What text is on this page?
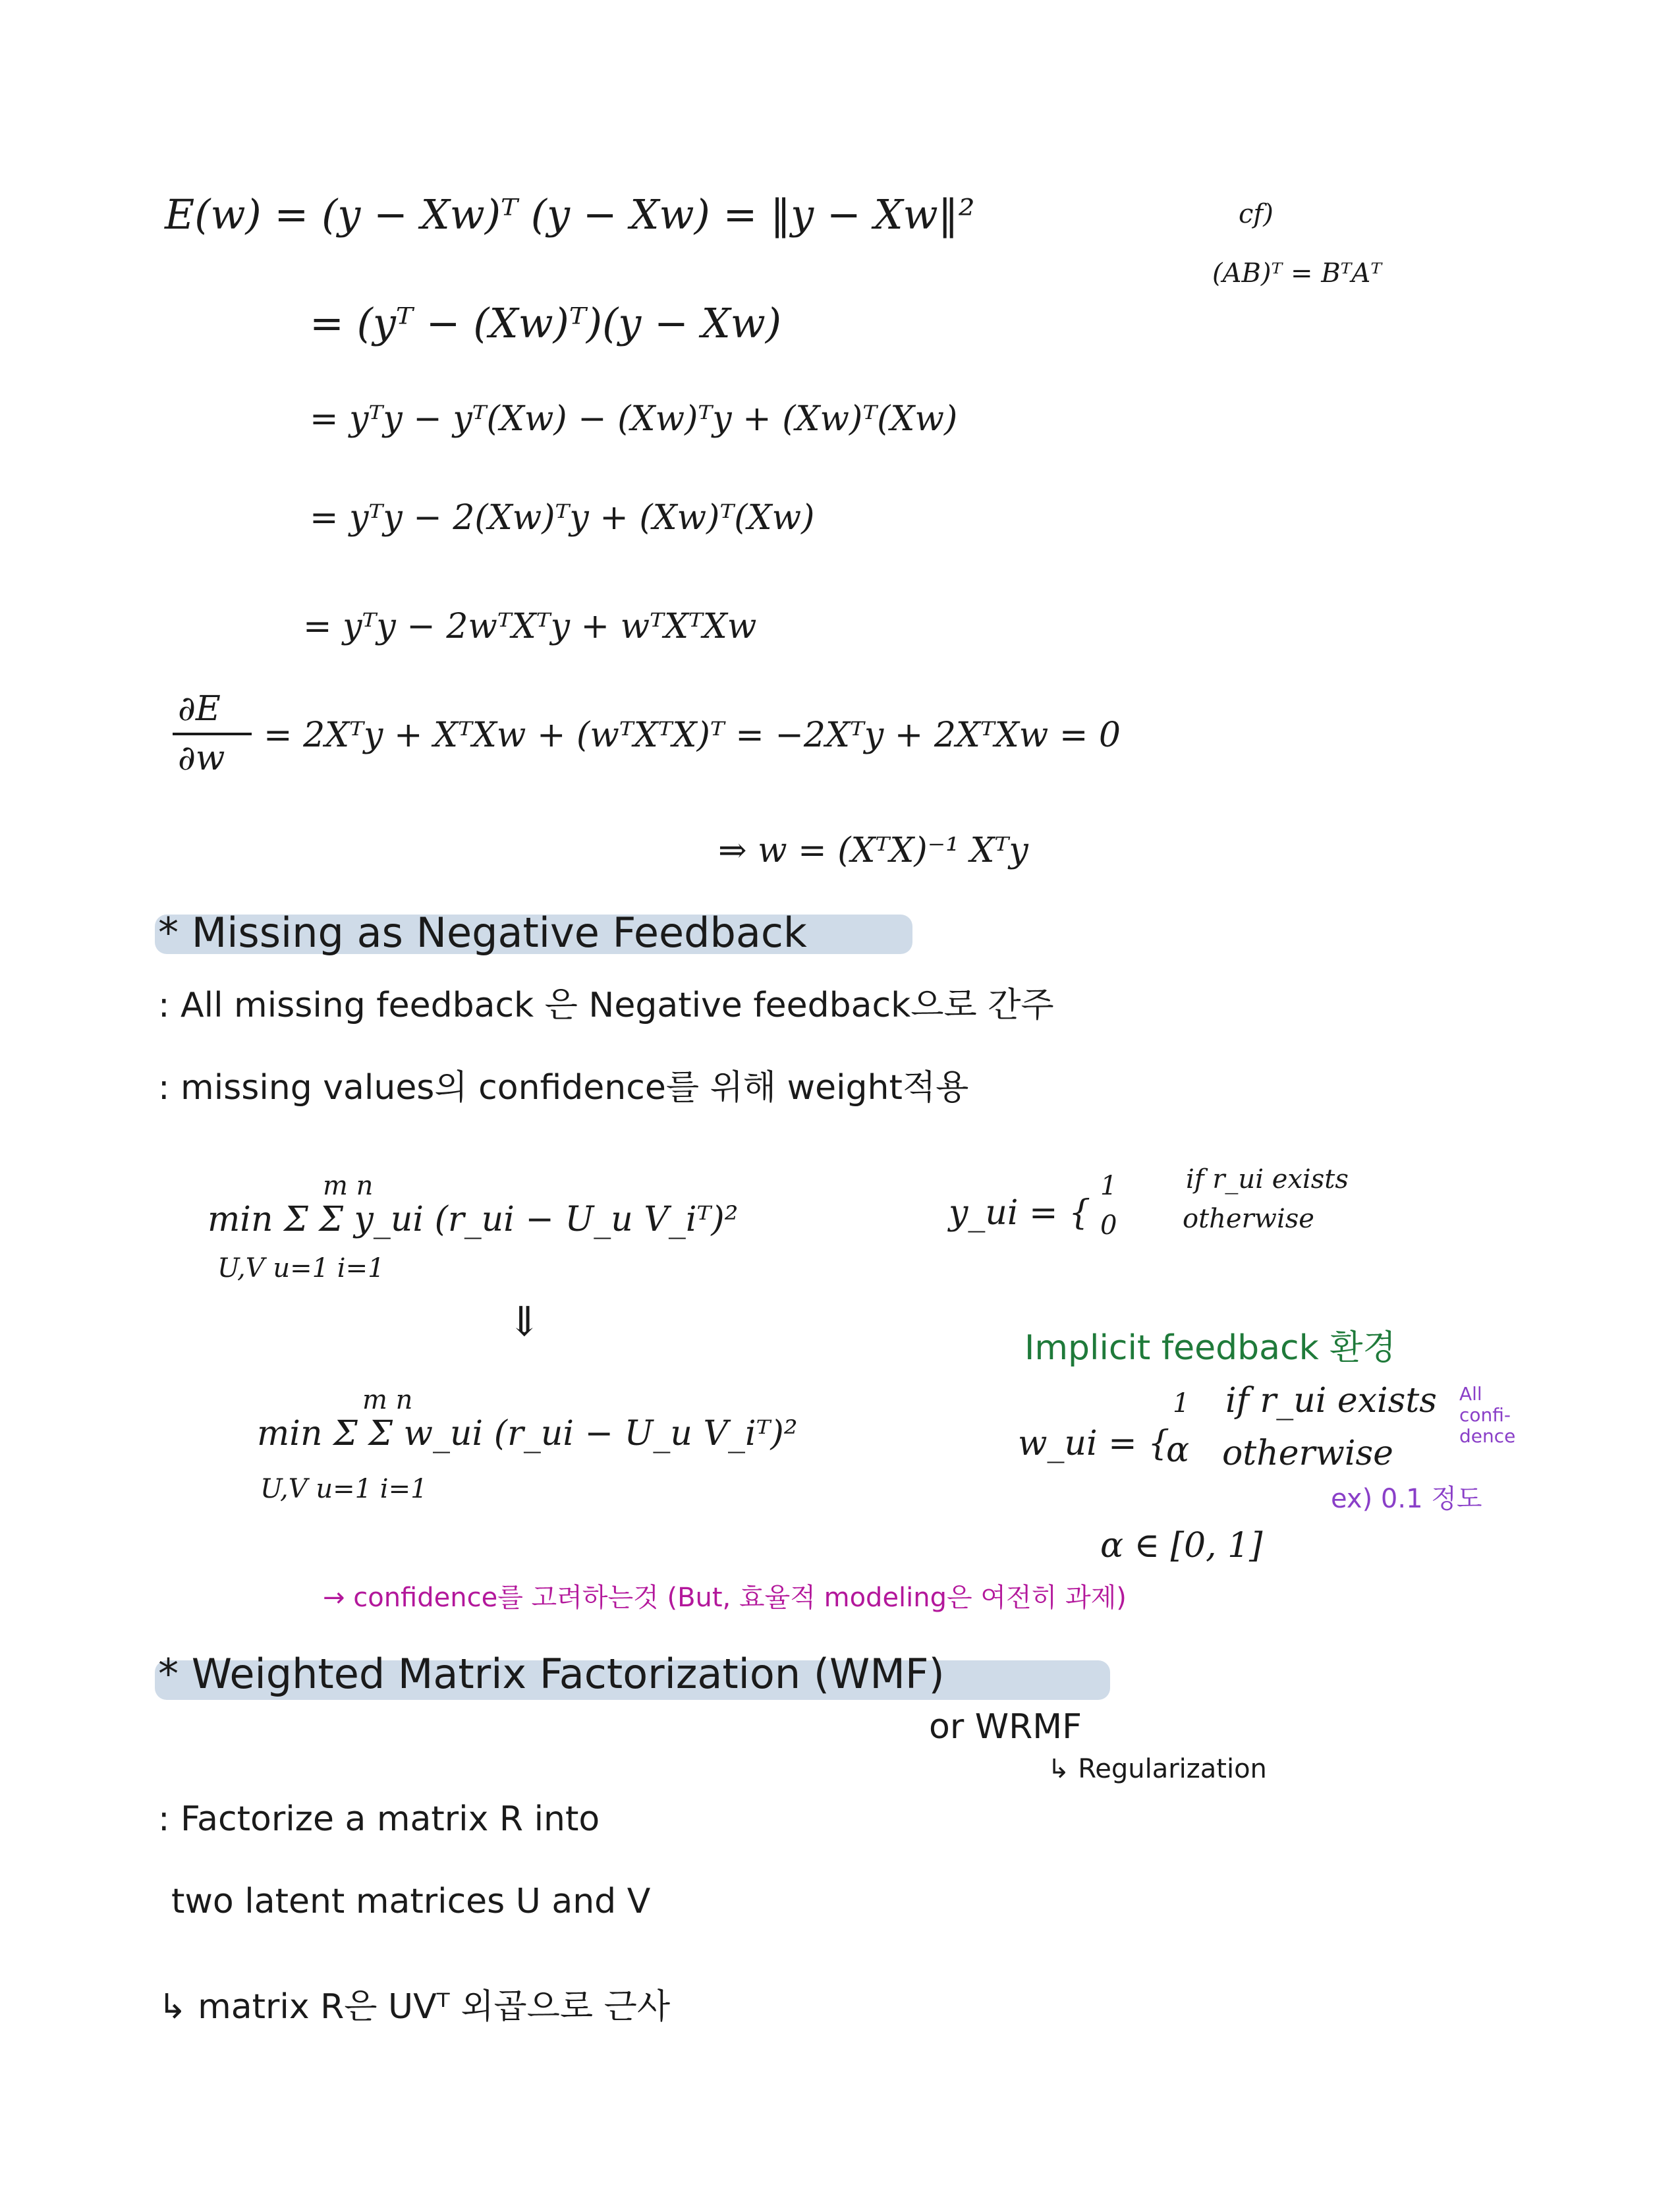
E(w) = (y − Xw)ᵀ (y − Xw) = ‖y − Xw‖²
= (yᵀ − (Xw)ᵀ)(y − Xw)
= yᵀy − yᵀ(Xw) − (Xw)ᵀy + (Xw)ᵀ(Xw)
= yᵀy − 2(Xw)ᵀy + (Xw)ᵀ(Xw)
= yᵀy − 2wᵀXᵀy + wᵀXᵀXw
∂E
∂w
= 2Xᵀy + XᵀXw + (wᵀXᵀX)ᵀ = −2Xᵀy + 2XᵀXw = 0
⇒ w = (XᵀX)⁻¹ Xᵀy
cf)
(AB)ᵀ = BᵀAᵀ
* Missing as Negative Feedback
: All missing feedback 은 Negative feedback으로 간주
: missing values의 confidence를 위해 weight적용
m n
min Σ Σ y_ui (r_ui − U_u V_iᵀ)²
U,V u=1 i=1
y_ui = {
1	if r_ui exists
0 otherwise
⇓
Implicit feedback 환경
m n
min Σ Σ w_ui (r_ui − U_u V_iᵀ)²
U,V u=1 i=1
w_ui = {
1 if r_ui exists
α otherwise
All confi-dence
ex) 0.1 정도
α ∈ [0, 1]
→ confidence를 고려하는것 (But, 효율적 modeling은 여전히 과제)
* Weighted Matrix Factorization (WMF)
or WRMF
↳ Regularization
: Factorize a matrix R into
two latent matrices U and V
↳ matrix R은 UVᵀ 외곱으로 근사
